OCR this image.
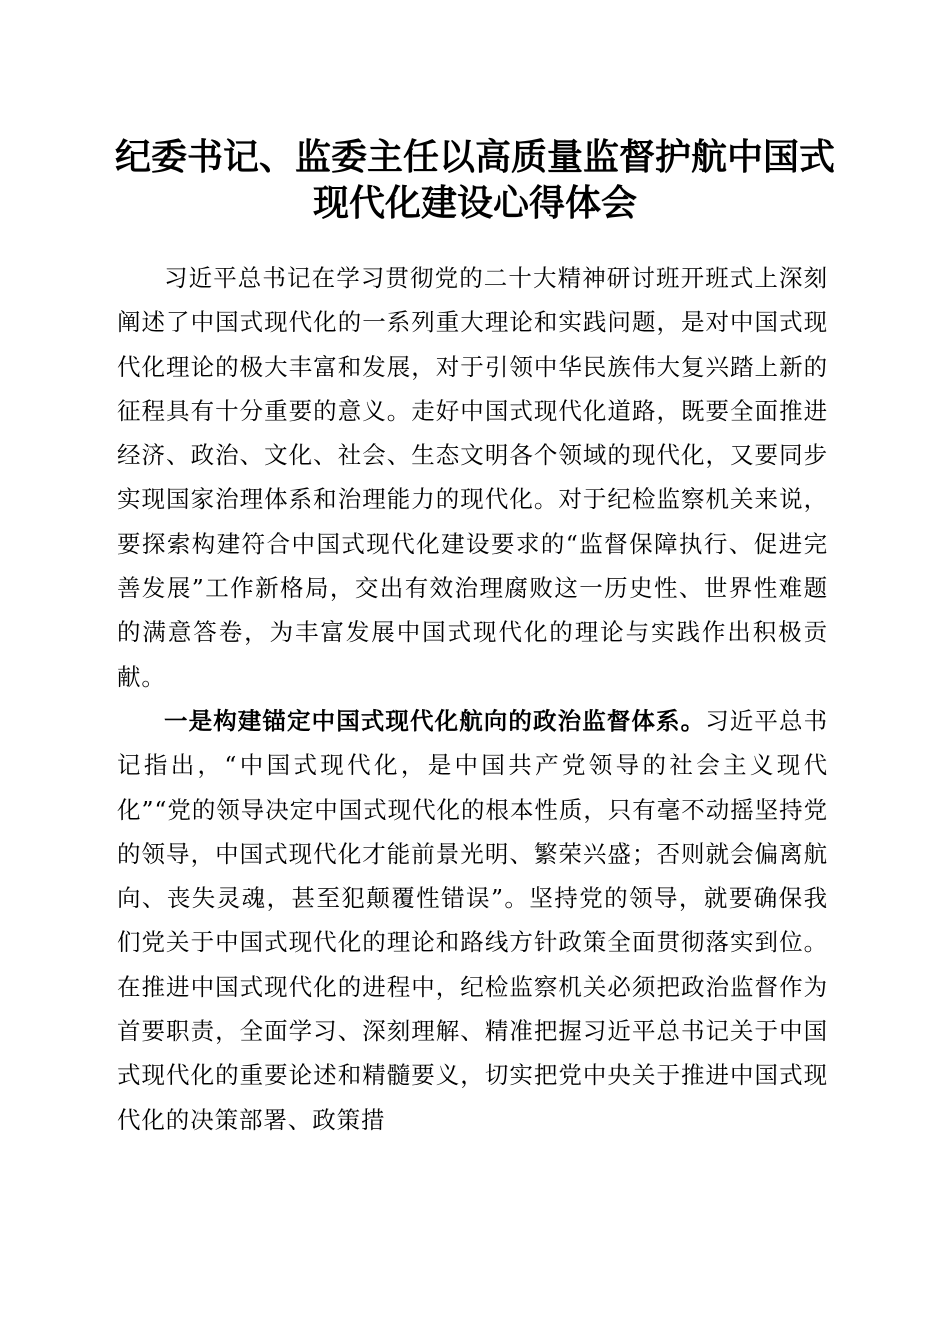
纪委书记、监委主任以高质量监督护航中国式现代化建设心得体会

习近平总书记在学习贯彻党的二十大精神研讨班开班式上深刻阐述了中国式现代化的一系列重大理论和实践问题，是对中国式现代化理论的极大丰富和发展，对于引领中华民族伟大复兴踏上新的征程具有十分重要的意义。走好中国式现代化道路，既要全面推进经济、政治、文化、社会、生态文明各个领域的现代化，又要同步实现国家治理体系和治理能力的现代化。对于纪检监察机关来说，要探索构建符合中国式现代化建设要求的“监督保障执行、促进完善发展”工作新格局，交出有效治理腐败这一历史性、世界性难题的满意答卷，为丰富发展中国式现代化的理论与实践作出积极贡献。

一是构建锚定中国式现代化航向的政治监督体系。习近平总书记指出，“中国式现代化，是中国共产党领导的社会主义现代化”“党的领导决定中国式现代化的根本性质，只有毫不动摇坚持党的领导，中国式现代化才能前景光明、繁荣兴盛；否则就会偏离航向、丧失灵魂，甚至犯颠覆性错误”。坚持党的领导，就要确保我们党关于中国式现代化的理论和路线方针政策全面贯彻落实到位。在推进中国式现代化的进程中，纪检监察机关必须把政治监督作为首要职责，全面学习、深刻理解、精准把握习近平总书记关于中国式现代化的重要论述和精髓要义，切实把党中央关于推进中国式现代化的决策部署、政策措
